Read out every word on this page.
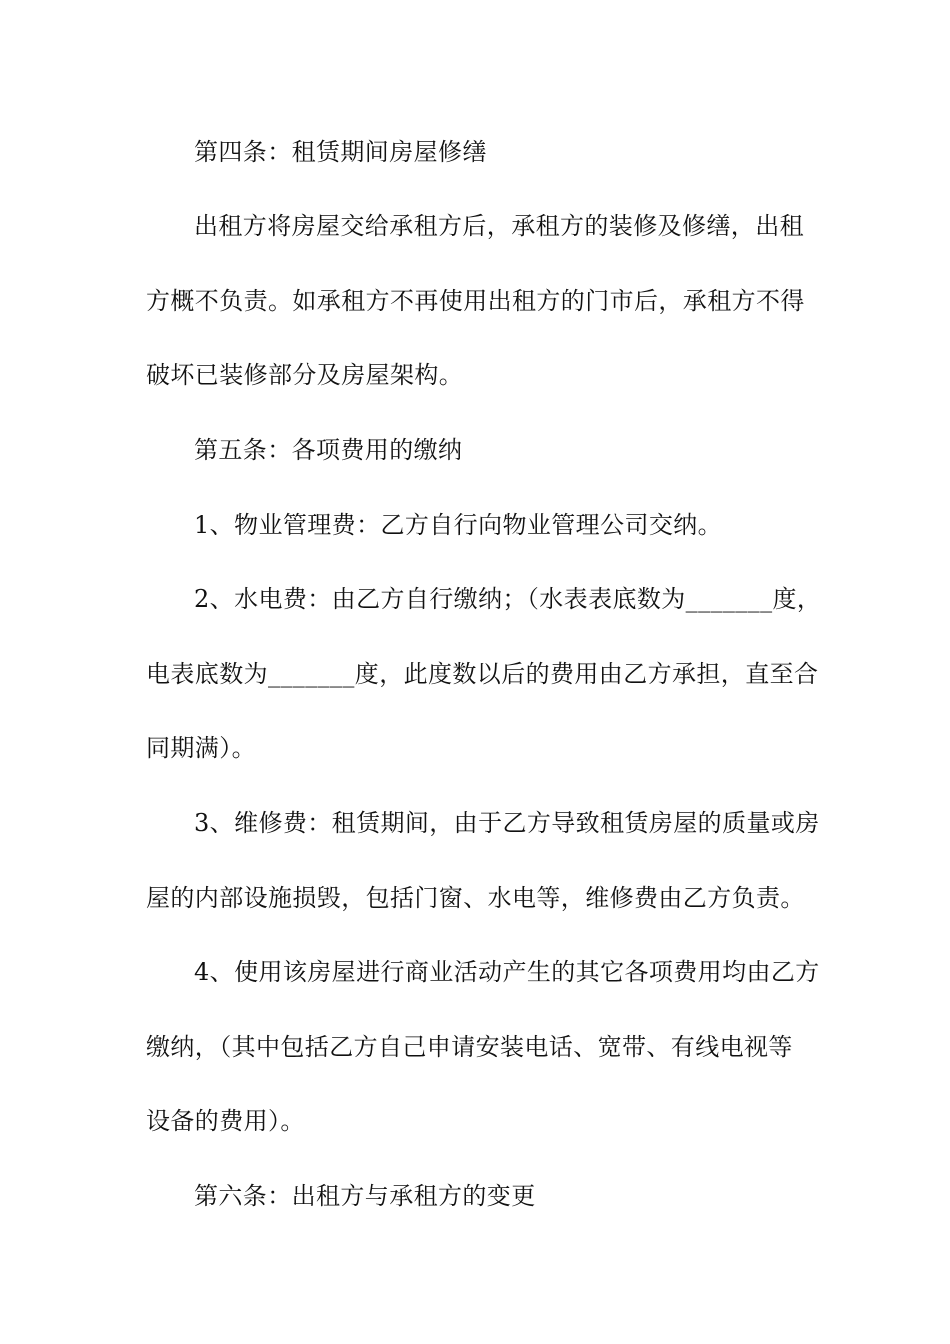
第四条：租赁期间房屋修缮
出租方将房屋交给承租方后，承租方的装修及修缮，出租
方概不负责。如承租方不再使用出租方的门市后，承租方不得
破坏已装修部分及房屋架构。
第五条：各项费用的缴纳
1、物业管理费：乙方自行向物业管理公司交纳。
2、水电费：由乙方自行缴纳；（水表表底数为_______度，
电表底数为_______度，此度数以后的费用由乙方承担，直至合
同期满）。
3、维修费：租赁期间，由于乙方导致租赁房屋的质量或房
屋的内部设施损毁，包括门窗、水电等，维修费由乙方负责。
4、使用该房屋进行商业活动产生的其它各项费用均由乙方
缴纳，（其中包括乙方自己申请安装电话、宽带、有线电视等
设备的费用）。
第六条：出租方与承租方的变更
